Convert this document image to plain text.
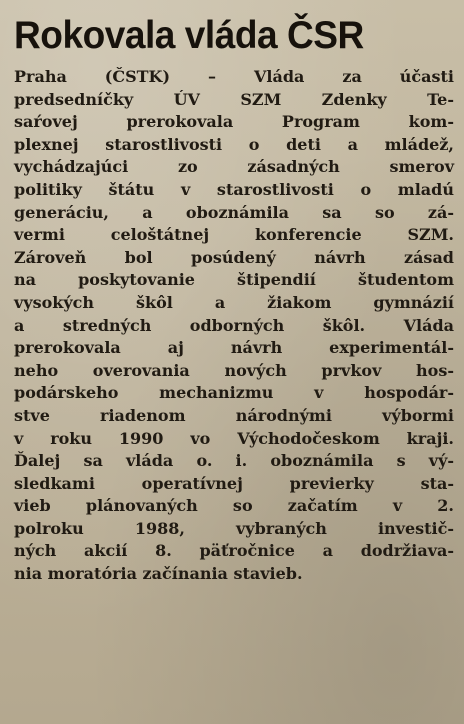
Rokovala vláda ČSR
Praha (ČSTK) – Vláda za účasti
predsedníčky ÚV SZM Zdenky Te-
saŕovej prerokovala Program kom-
plexnej starostlivosti o deti a mládež,
vychádzajúci zo zásadných smerov
politiky štátu v starostlivosti o mladú
generáciu, a oboznámila sa so zá-
vermi celoštátnej konferencie SZM.
Zároveň bol posúdený návrh zásad
na poskytovanie štipendií študentom
vysokých škôl a žiakom gymnázií
a stredných odborných škôl. Vláda
prerokovala aj návrh experimentál-
neho overovania nových prvkov hos-
podárskeho mechanizmu v hospodár-
stve riadenom národnými výbormi
v roku 1990 vo Východočeskom kraji.
Ďalej sa vláda o. i. oboznámila s vý-
sledkami operatívnej previerky sta-
vieb plánovaných so začatím v 2.
polroku 1988, vybraných investič-
ných akcií 8. päťročnice a dodržiava-
nia moratória začínania stavieb.
